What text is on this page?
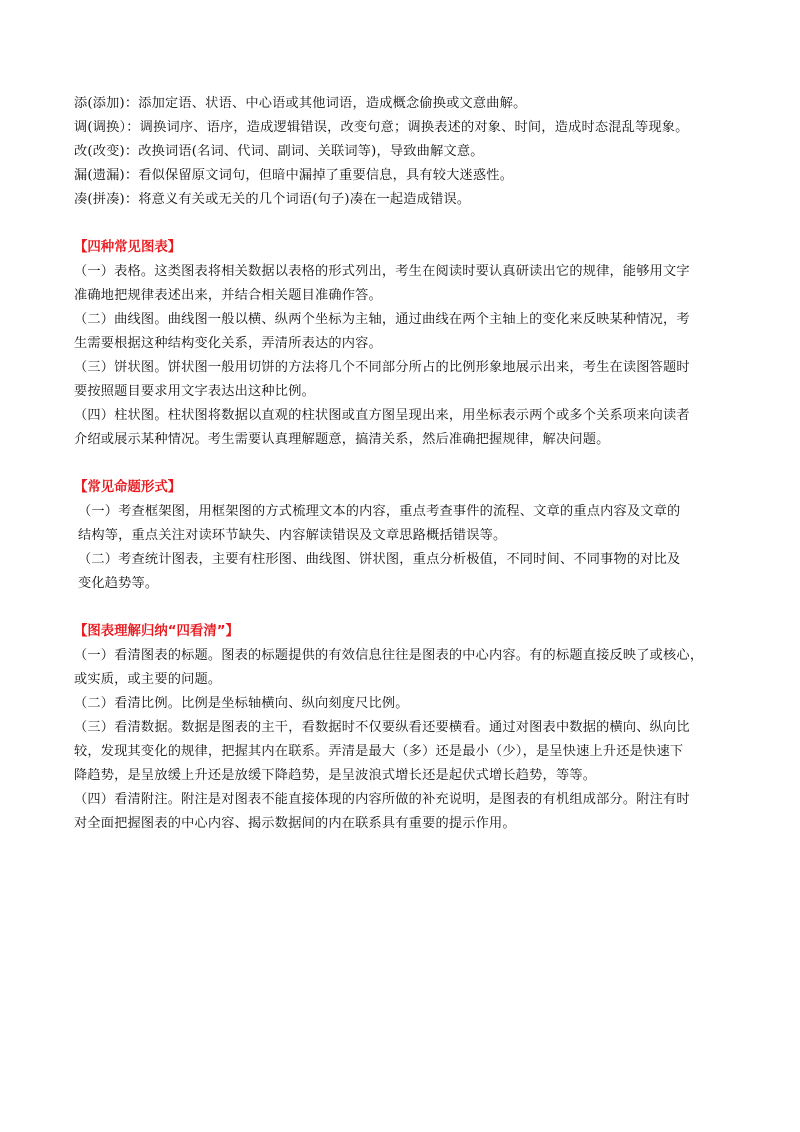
添(添加)：添加定语、状语、中心语或其他词语，造成概念偷换或文意曲解。
调(调换）：调换词序、语序，造成逻辑错误，改变句意；调换表述的对象、时间，造成时态混乱等现象。
改(改变)：改换词语(名词、代词、副词、关联词等)，导致曲解文意。
漏(遗漏)：看似保留原文词句，但暗中漏掉了重要信息，具有较大迷惑性。
凑(拼凑)：将意义有关或无关的几个词语(句子)凑在一起造成错误。
【四种常见图表】
（一）表格。这类图表将相关数据以表格的形式列出，考生在阅读时要认真研读出它的规律，能够用文字
准确地把规律表述出来，并结合相关题目准确作答。
（二）曲线图。曲线图一般以横、纵两个坐标为主轴，通过曲线在两个主轴上的变化来反映某种情况，考
生需要根据这种结构变化关系，弄清所表达的内容。
（三）饼状图。饼状图一般用切饼的方法将几个不同部分所占的比例形象地展示出来，考生在读图答题时
要按照题目要求用文字表达出这种比例。
（四）柱状图。柱状图将数据以直观的柱状图或直方图呈现出来，用坐标表示两个或多个关系项来向读者
介绍或展示某种情况。考生需要认真理解题意，搞清关系，然后准确把握规律，解决问题。
【常见命题形式】
（一）考查框架图，用框架图的方式梳理文本的内容，重点考查事件的流程、文章的重点内容及文章的
结构等，重点关注对读环节缺失、内容解读错误及文章思路概括错误等。
（二）考查统计图表，主要有柱形图、曲线图、饼状图，重点分析极值，不同时间、不同事物的对比及
变化趋势等。
【图表理解归纳“四看清”】
（一）看清图表的标题。图表的标题提供的有效信息往往是图表的中心内容。有的标题直接反映了或核心，
或实质，或主要的问题。
（二）看清比例。比例是坐标轴横向、纵向刻度尺比例。
（三）看清数据。数据是图表的主干，看数据时不仅要纵看还要横看。通过对图表中数据的横向、纵向比
较，发现其变化的规律，把握其内在联系。弄清是最大（多）还是最小（少），是呈快速上升还是快速下
降趋势，是呈放缓上升还是放缓下降趋势，是呈波浪式增长还是起伏式增长趋势，等等。
（四）看清附注。附注是对图表不能直接体现的内容所做的补充说明，是图表的有机组成部分。附注有时
对全面把握图表的中心内容、揭示数据间的内在联系具有重要的提示作用。
